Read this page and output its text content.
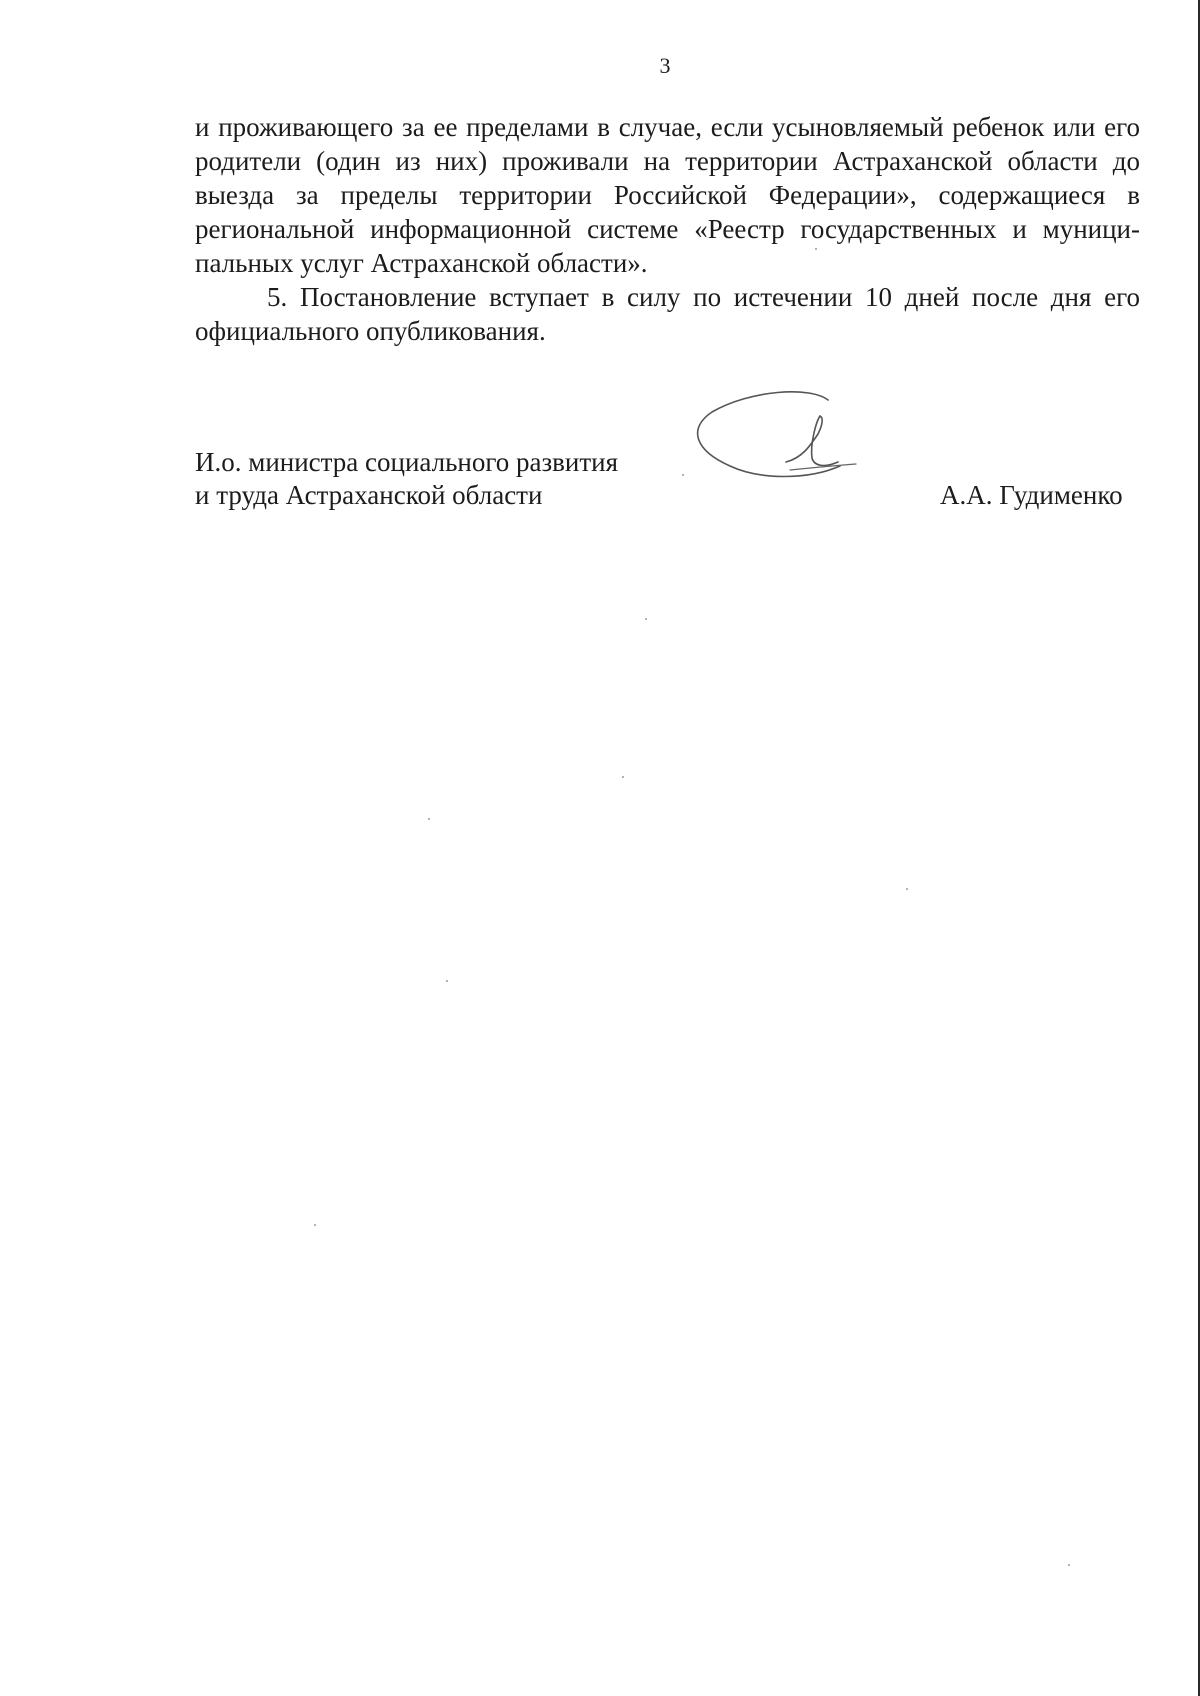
3

и проживающего за ее пределами в случае, если усыновляемый ребенок или его родители (один из них) проживали на территории Астраханской области до выезда за пределы территории Российской Федерации», содержащиеся в региональной информационной системе «Реестр государственных и муници-пальных услуг Астраханской области».

5. Постановление вступает в силу по истечении 10 дней после дня его официального опубликования.

И.о. министра социального развития
и труда Астраханской области	А.А. Гудименко
